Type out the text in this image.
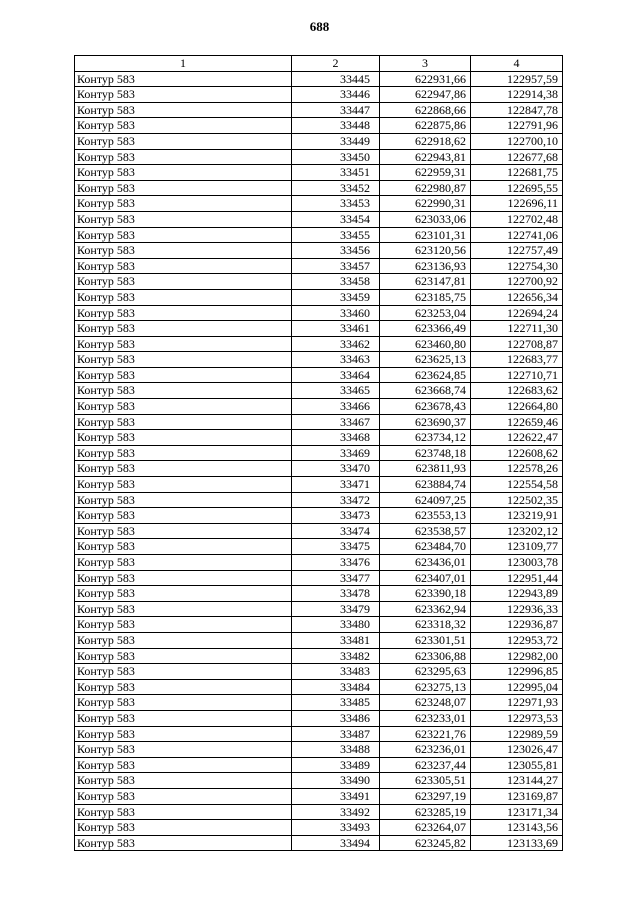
688
1	2	3	4
Контур 583	33445	622931,66	122957,59
Контур 583	33446	622947,86	122914,38
Контур 583	33447	622868,66	122847,78
Контур 583	33448	622875,86	122791,96
Контур 583	33449	622918,62	122700,10
Контур 583	33450	622943,81	122677,68
Контур 583	33451	622959,31	122681,75
Контур 583	33452	622980,87	122695,55
Контур 583	33453	622990,31	122696,11
Контур 583	33454	623033,06	122702,48
Контур 583	33455	623101,31	122741,06
Контур 583	33456	623120,56	122757,49
Контур 583	33457	623136,93	122754,30
Контур 583	33458	623147,81	122700,92
Контур 583	33459	623185,75	122656,34
Контур 583	33460	623253,04	122694,24
Контур 583	33461	623366,49	122711,30
Контур 583	33462	623460,80	122708,87
Контур 583	33463	623625,13	122683,77
Контур 583	33464	623624,85	122710,71
Контур 583	33465	623668,74	122683,62
Контур 583	33466	623678,43	122664,80
Контур 583	33467	623690,37	122659,46
Контур 583	33468	623734,12	122622,47
Контур 583	33469	623748,18	122608,62
Контур 583	33470	623811,93	122578,26
Контур 583	33471	623884,74	122554,58
Контур 583	33472	624097,25	122502,35
Контур 583	33473	623553,13	123219,91
Контур 583	33474	623538,57	123202,12
Контур 583	33475	623484,70	123109,77
Контур 583	33476	623436,01	123003,78
Контур 583	33477	623407,01	122951,44
Контур 583	33478	623390,18	122943,89
Контур 583	33479	623362,94	122936,33
Контур 583	33480	623318,32	122936,87
Контур 583	33481	623301,51	122953,72
Контур 583	33482	623306,88	122982,00
Контур 583	33483	623295,63	122996,85
Контур 583	33484	623275,13	122995,04
Контур 583	33485	623248,07	122971,93
Контур 583	33486	623233,01	122973,53
Контур 583	33487	623221,76	122989,59
Контур 583	33488	623236,01	123026,47
Контур 583	33489	623237,44	123055,81
Контур 583	33490	623305,51	123144,27
Контур 583	33491	623297,19	123169,87
Контур 583	33492	623285,19	123171,34
Контур 583	33493	623264,07	123143,56
Контур 583	33494	623245,82	123133,69
